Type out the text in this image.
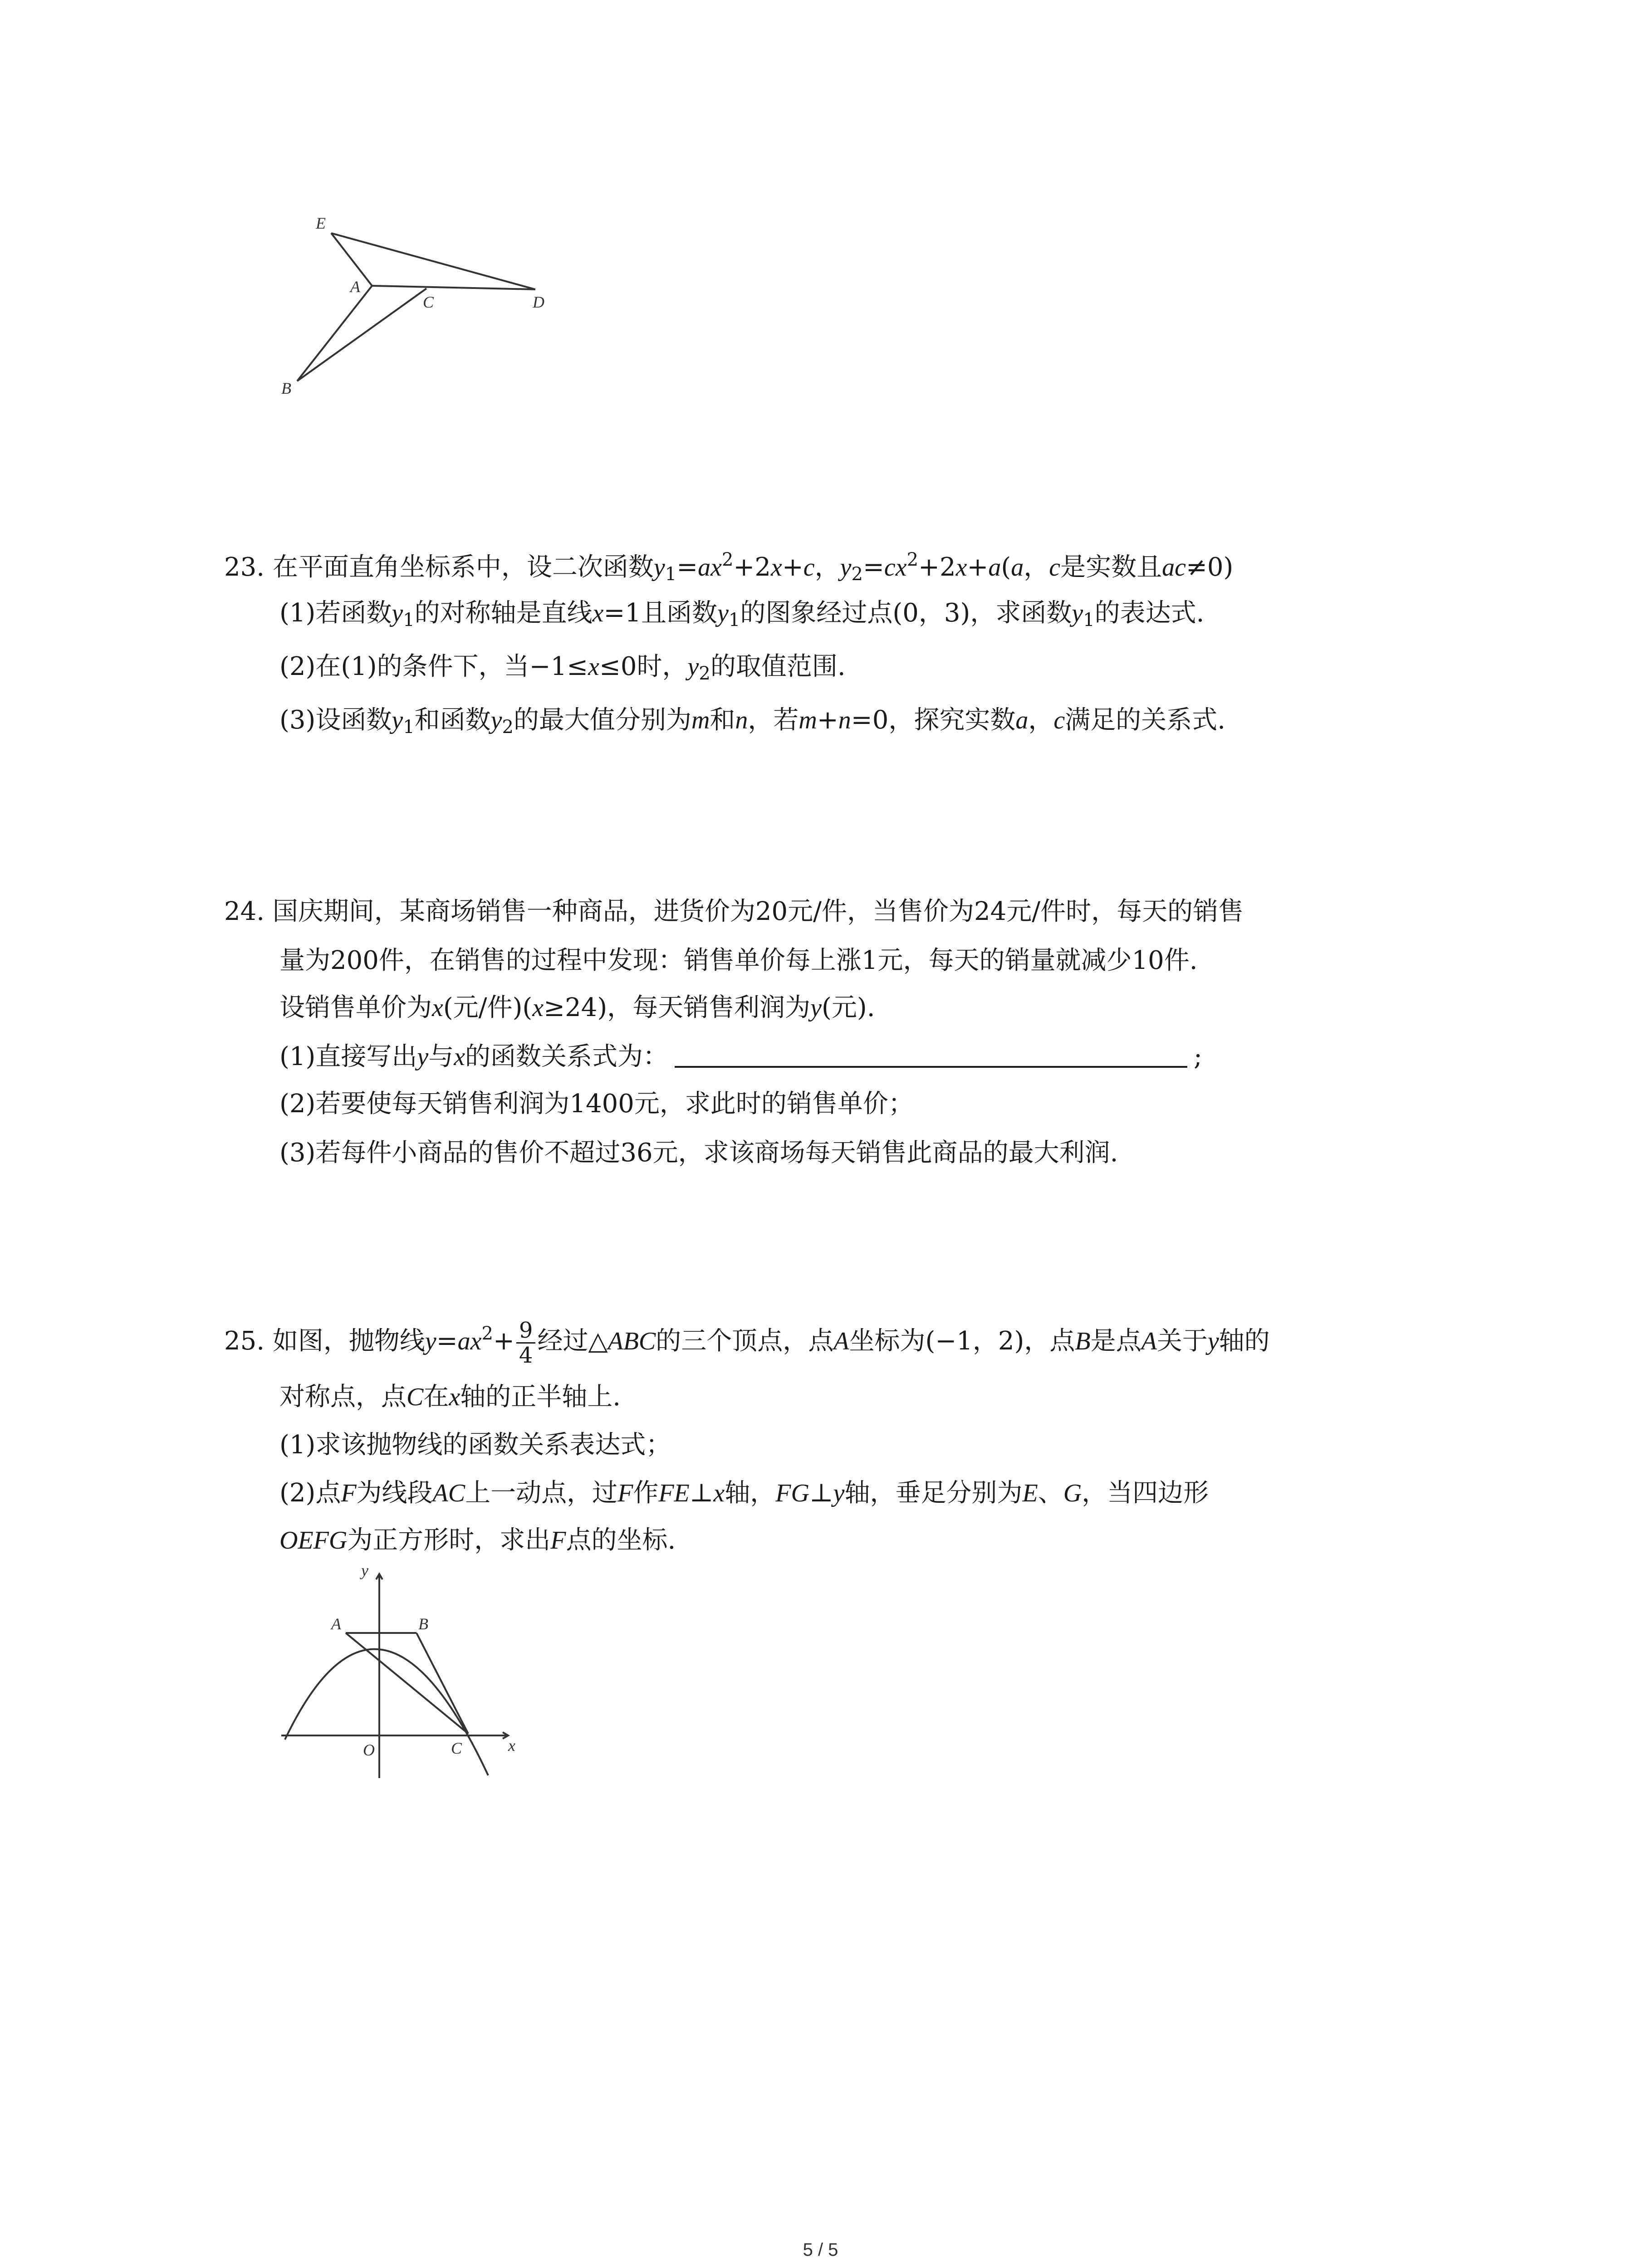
E
A
C	D
B
23. 在平面直角坐标系中，设二次函数$y_1=ax^2+2x+c$，$y_2=cx^2+2x+a(a$，c是实数且ac≠0)
(1)若函数$y_1$的对称轴是直线x=1且函数$y_1$的图象经过点(0，3)，求函数$y_1$的表达式.
(2)在(1)的条件下，当−1≤x≤0时，$y_2$的取值范围.
(3)设函数$y_1$和函数$y_2$的最大值分别为m和n，若m+n=0，探究实数a，c满足的关系式.
24. 国庆期间，某商场销售一种商品，进货价为20元/件，当售价为24元/件时，每天的销售
量为200件，在销售的过程中发现：销售单价每上涨1元，每天的销量就减少10件.
设销售单价为x(元/件)(x≥24)，每天销售利润为y(元).
(1)直接写出y与x的函数关系式为：	;
(2)若要使每天销售利润为1400元，求此时的销售单价；
(3)若每件小商品的售价不超过36元，求该商场每天销售此商品的最大利润.
25. 如图，抛物线$y=ax^2+ \frac{9}{4}$ 经过△ABC的三个顶点，点A坐标为(−1，2)，点B是点A关于y轴的
对称点，点C在x轴的正半轴上.
(1)求该抛物线的函数关系表达式；
(2)点F为线段AC上一动点，过F作FE⊥x轴，FG⊥y轴，垂足分别为E、G，当四边形
OEFG为正方形时，求出F点的坐标.
y
A	B
O	C	x
5 / 5
